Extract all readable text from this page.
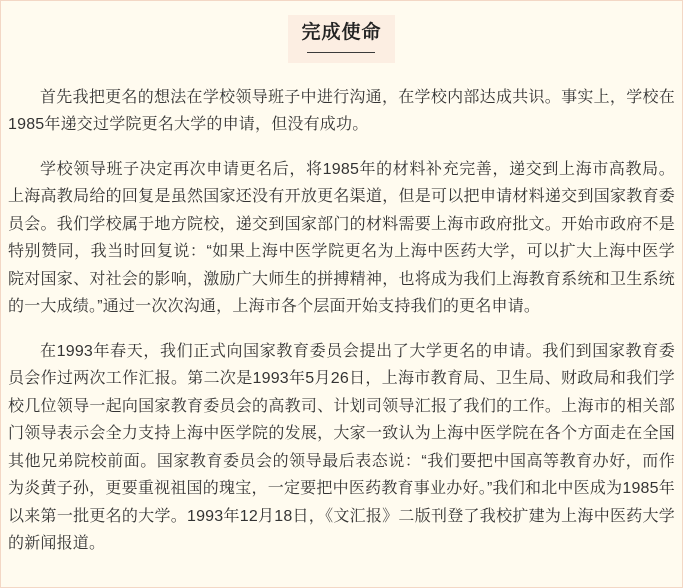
完成使命

首先我把更名的想法在学校领导班子中进行沟通，在学校内部达成共识。事实上，学校在1985年递交过学院更名大学的申请，但没有成功。

学校领导班子决定再次申请更名后，将1985年的材料补充完善，递交到上海市高教局。上海高教局给的回复是虽然国家还没有开放更名渠道，但是可以把申请材料递交到国家教育委员会。我们学校属于地方院校，递交到国家部门的材料需要上海市政府批文。开始市政府不是特别赞同，我当时回复说：“如果上海中医学院更名为上海中医药大学，可以扩大上海中医学院对国家、对社会的影响，激励广大师生的拼搏精神，也将成为我们上海教育系统和卫生系统的一大成绩。”通过一次次沟通，上海市各个层面开始支持我们的更名申请。

在1993年春天，我们正式向国家教育委员会提出了大学更名的申请。我们到国家教育委员会作过两次工作汇报。第二次是1993年5月26日，上海市教育局、卫生局、财政局和我们学校几位领导一起向国家教育委员会的高教司、计划司领导汇报了我们的工作。上海市的相关部门领导表示会全力支持上海中医学院的发展，大家一致认为上海中医学院在各个方面走在全国其他兄弟院校前面。国家教育委员会的领导最后表态说：“我们要把中国高等教育办好，而作为炎黄子孙，更要重视祖国的瑰宝，一定要把中医药教育事业办好。”我们和北中医成为1985年以来第一批更名的大学。1993年12月18日，《文汇报》二版刊登了我校扩建为上海中医药大学的新闻报道。
